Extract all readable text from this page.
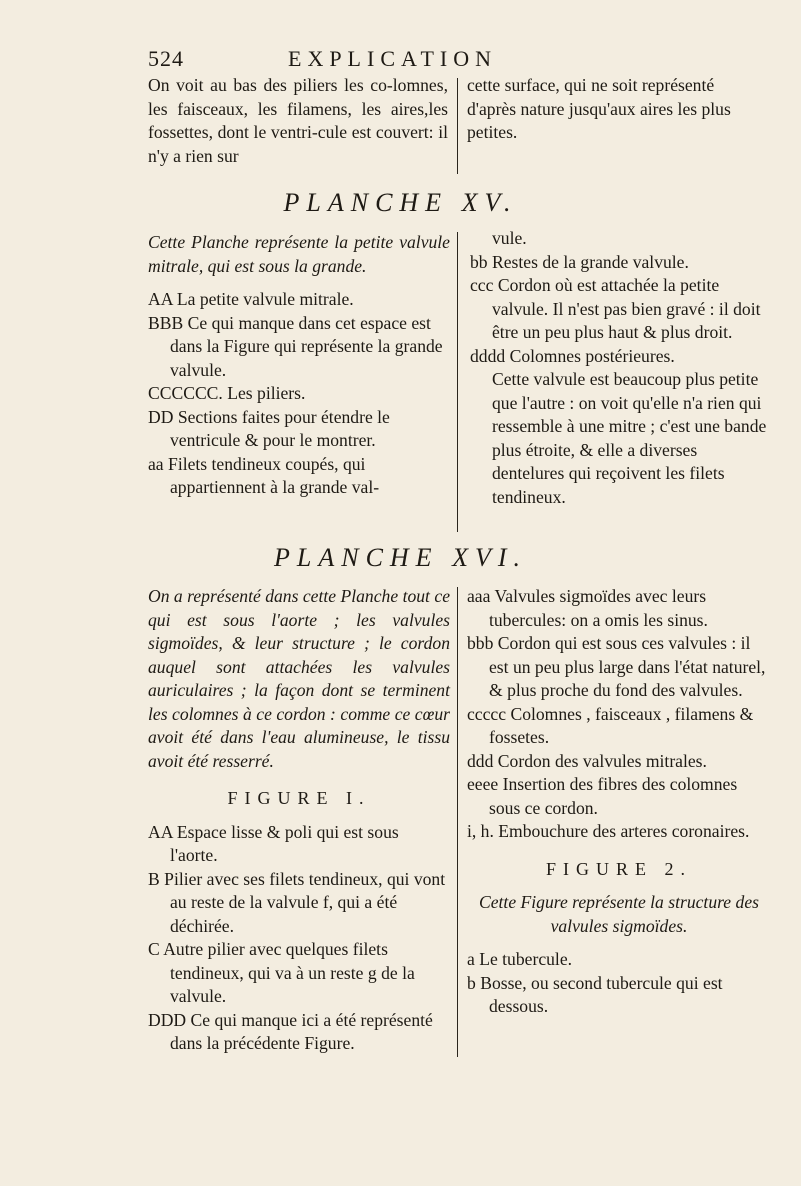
524	EXPLICATION

On voit au bas des piliers les co-lomnes, les faisceaux, les filamens, les aires,les fossettes, dont le ventri-cule est couvert: il n'y a rien sur

cette surface, qui ne soit représenté d'après nature jusqu'aux aires les plus petites.

PLANCHE XV.

Cette Planche représente la petite valvule mitrale, qui est sous la grande.

AA La petite valvule mitrale.

BBB Ce qui manque dans cet espace est dans la Figure qui représente la grande valvule.

CCCCCC. Les piliers.

DD Sections faites pour étendre le ventricule & pour le montrer.

aa Filets tendineux coupés, qui appartiennent à la grande val-

vule.

bb Restes de la grande valvule.

ccc Cordon où est attachée la petite valvule. Il n'est pas bien gravé : il doit être un peu plus haut & plus droit.

dddd Colomnes postérieures.

Cette valvule est beaucoup plus petite que l'autre : on voit qu'elle n'a rien qui ressemble à une mitre ; c'est une bande plus étroite, & elle a diverses dentelures qui reçoivent les filets tendineux.

PLANCHE XVI.

On a représenté dans cette Planche tout ce qui est sous l'aorte ; les valvules sigmoïdes, & leur structure ; le cordon auquel sont attachées les valvules auriculaires ; la façon dont se terminent les colomnes à ce cordon : comme ce cœur avoit été dans l'eau alumineuse, le tissu avoit été resserré.

FIGURE I.

AA Espace lisse & poli qui est sous l'aorte.

B Pilier avec ses filets tendineux, qui vont au reste de la valvule f, qui a été déchirée.

C Autre pilier avec quelques filets tendineux, qui va à un reste g de la valvule.

DDD Ce qui manque ici a été représenté dans la précédente Figure.

aaa Valvules sigmoïdes avec leurs tubercules: on a omis les sinus.

bbb Cordon qui est sous ces valvules : il est un peu plus large dans l'état naturel, & plus proche du fond des valvules.

ccccc Colomnes , faisceaux , filamens & fossetes.

ddd Cordon des valvules mitrales.

eeee Insertion des fibres des colomnes sous ce cordon.

i, h. Embouchure des arteres coronaires.

FIGURE 2.

Cette Figure représente la structure des valvules sigmoïdes.

a Le tubercule.

b Bosse, ou second tubercule qui est dessous.
